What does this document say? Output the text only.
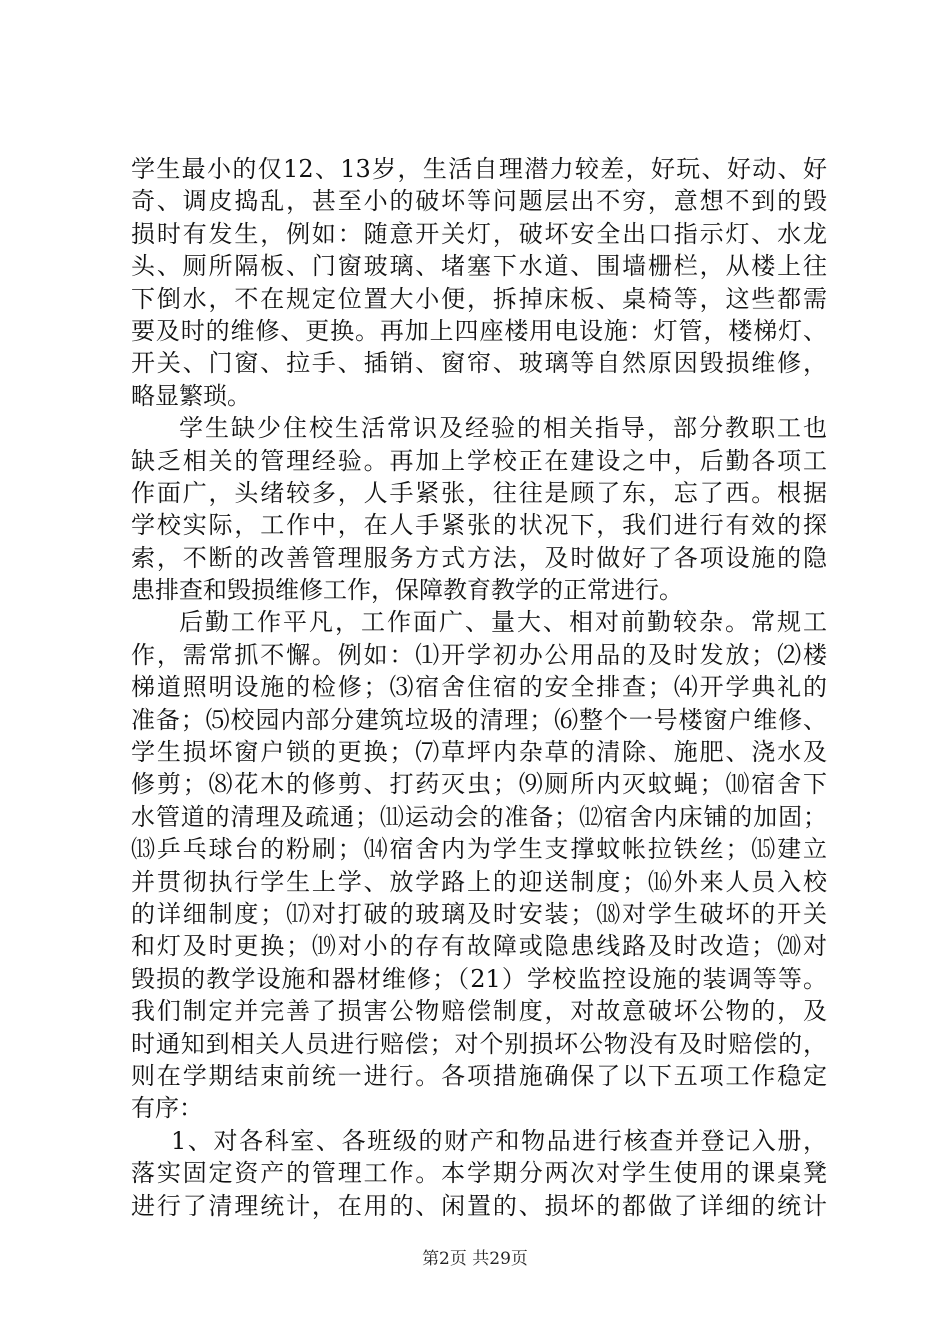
学生最小的仅12、13岁，生活自理潜力较差，好玩、好动、好
奇、调皮捣乱，甚至小的破坏等问题层出不穷，意想不到的毁
损时有发生，例如：随意开关灯，破坏安全出口指示灯、水龙
头、厕所隔板、门窗玻璃、堵塞下水道、围墙栅栏，从楼上往
下倒水，不在规定位置大小便，拆掉床板、桌椅等，这些都需
要及时的维修、更换。再加上四座楼用电设施：灯管，楼梯灯、
开关、门窗、拉手、插销、窗帘、玻璃等自然原因毁损维修，
略显繁琐。
学生缺少住校生活常识及经验的相关指导，部分教职工也
缺乏相关的管理经验。再加上学校正在建设之中，后勤各项工
作面广，头绪较多，人手紧张，往往是顾了东，忘了西。根据
学校实际，工作中，在人手紧张的状况下，我们进行有效的探
索，不断的改善管理服务方式方法，及时做好了各项设施的隐
患排查和毁损维修工作，保障教育教学的正常进行。
后勤工作平凡，工作面广、量大、相对前勤较杂。常规工
作，需常抓不懈。例如：⑴开学初办公用品的及时发放；⑵楼
梯道照明设施的检修；⑶宿舍住宿的安全排查；⑷开学典礼的
准备；⑸校园内部分建筑垃圾的清理；⑹整个一号楼窗户维修、
学生损坏窗户锁的更换；⑺草坪内杂草的清除、施肥、浇水及
修剪；⑻花木的修剪、打药灭虫；⑼厕所内灭蚊蝇；⑽宿舍下
水管道的清理及疏通；⑾运动会的准备；⑿宿舍内床铺的加固；
⒀乒乓球台的粉刷；⒁宿舍内为学生支撑蚊帐拉铁丝；⒂建立
并贯彻执行学生上学、放学路上的迎送制度；⒃外来人员入校
的详细制度；⒄对打破的玻璃及时安装；⒅对学生破坏的开关
和灯及时更换；⒆对小的存有故障或隐患线路及时改造；⒇对
毁损的教学设施和器材维修；（21）学校监控设施的装调等等。
我们制定并完善了损害公物赔偿制度，对故意破坏公物的，及
时通知到相关人员进行赔偿；对个别损坏公物没有及时赔偿的，
则在学期结束前统一进行。各项措施确保了以下五项工作稳定
有序：
1、对各科室、各班级的财产和物品进行核查并登记入册，
落实固定资产的管理工作。本学期分两次对学生使用的课桌凳
进行了清理统计，在用的、闲置的、损坏的都做了详细的统计
第2页 共29页
